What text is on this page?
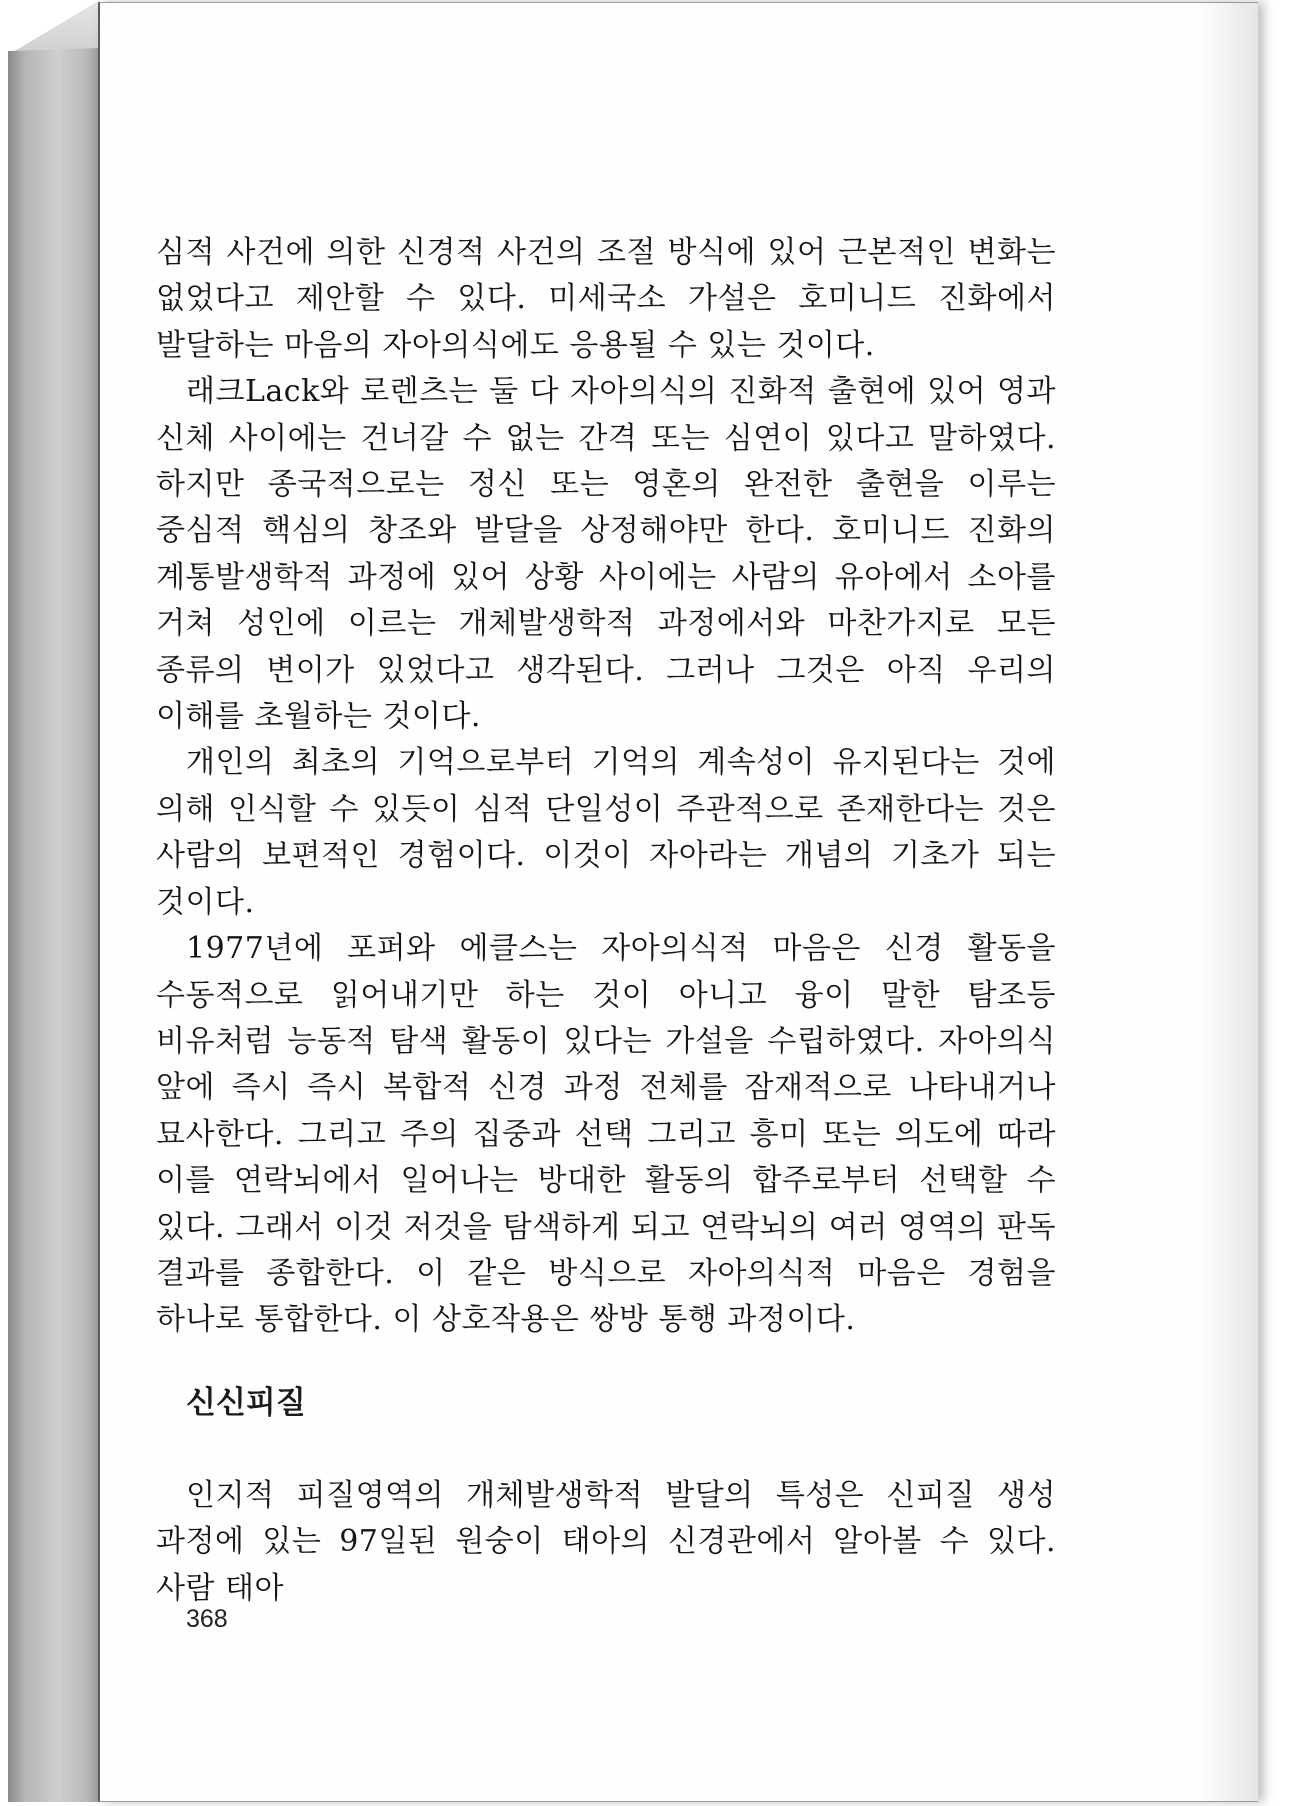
심적 사건에 의한 신경적 사건의 조절 방식에 있어 근본적인 변화는 없었다고 제안할 수 있다. 미세국소 가설은 호미니드 진화에서 발달하는 마음의 자아의식에도 응용될 수 있는 것이다.

래크Lack와 로렌츠는 둘 다 자아의식의 진화적 출현에 있어 영과 신체 사이에는 건너갈 수 없는 간격 또는 심연이 있다고 말하였다. 하지만 종국적으로는 정신 또는 영혼의 완전한 출현을 이루는 중심적 핵심의 창조와 발달을 상정해야만 한다. 호미니드 진화의 계통발생학적 과정에 있어 상황 사이에는 사람의 유아에서 소아를 거쳐 성인에 이르는 개체발생학적 과정에서와 마찬가지로 모든 종류의 변이가 있었다고 생각된다. 그러나 그것은 아직 우리의 이해를 초월하는 것이다.

개인의 최초의 기억으로부터 기억의 계속성이 유지된다는 것에 의해 인식할 수 있듯이 심적 단일성이 주관적으로 존재한다는 것은 사람의 보편적인 경험이다. 이것이 자아라는 개념의 기초가 되는 것이다.

1977년에 포퍼와 에클스는 자아의식적 마음은 신경 활동을 수동적으로 읽어내기만 하는 것이 아니고 융이 말한 탐조등 비유처럼 능동적 탐색 활동이 있다는 가설을 수립하였다. 자아의식 앞에 즉시 즉시 복합적 신경 과정 전체를 잠재적으로 나타내거나 묘사한다. 그리고 주의 집중과 선택 그리고 흥미 또는 의도에 따라 이를 연락뇌에서 일어나는 방대한 활동의 합주로부터 선택할 수 있다. 그래서 이것 저것을 탐색하게 되고 연락뇌의 여러 영역의 판독 결과를 종합한다. 이 같은 방식으로 자아의식적 마음은 경험을 하나로 통합한다. 이 상호작용은 쌍방 통행 과정이다.

신신피질

인지적 피질영역의 개체발생학적 발달의 특성은 신피질 생성 과정에 있는 97일된 원숭이 태아의 신경관에서 알아볼 수 있다. 사람 태아

368
